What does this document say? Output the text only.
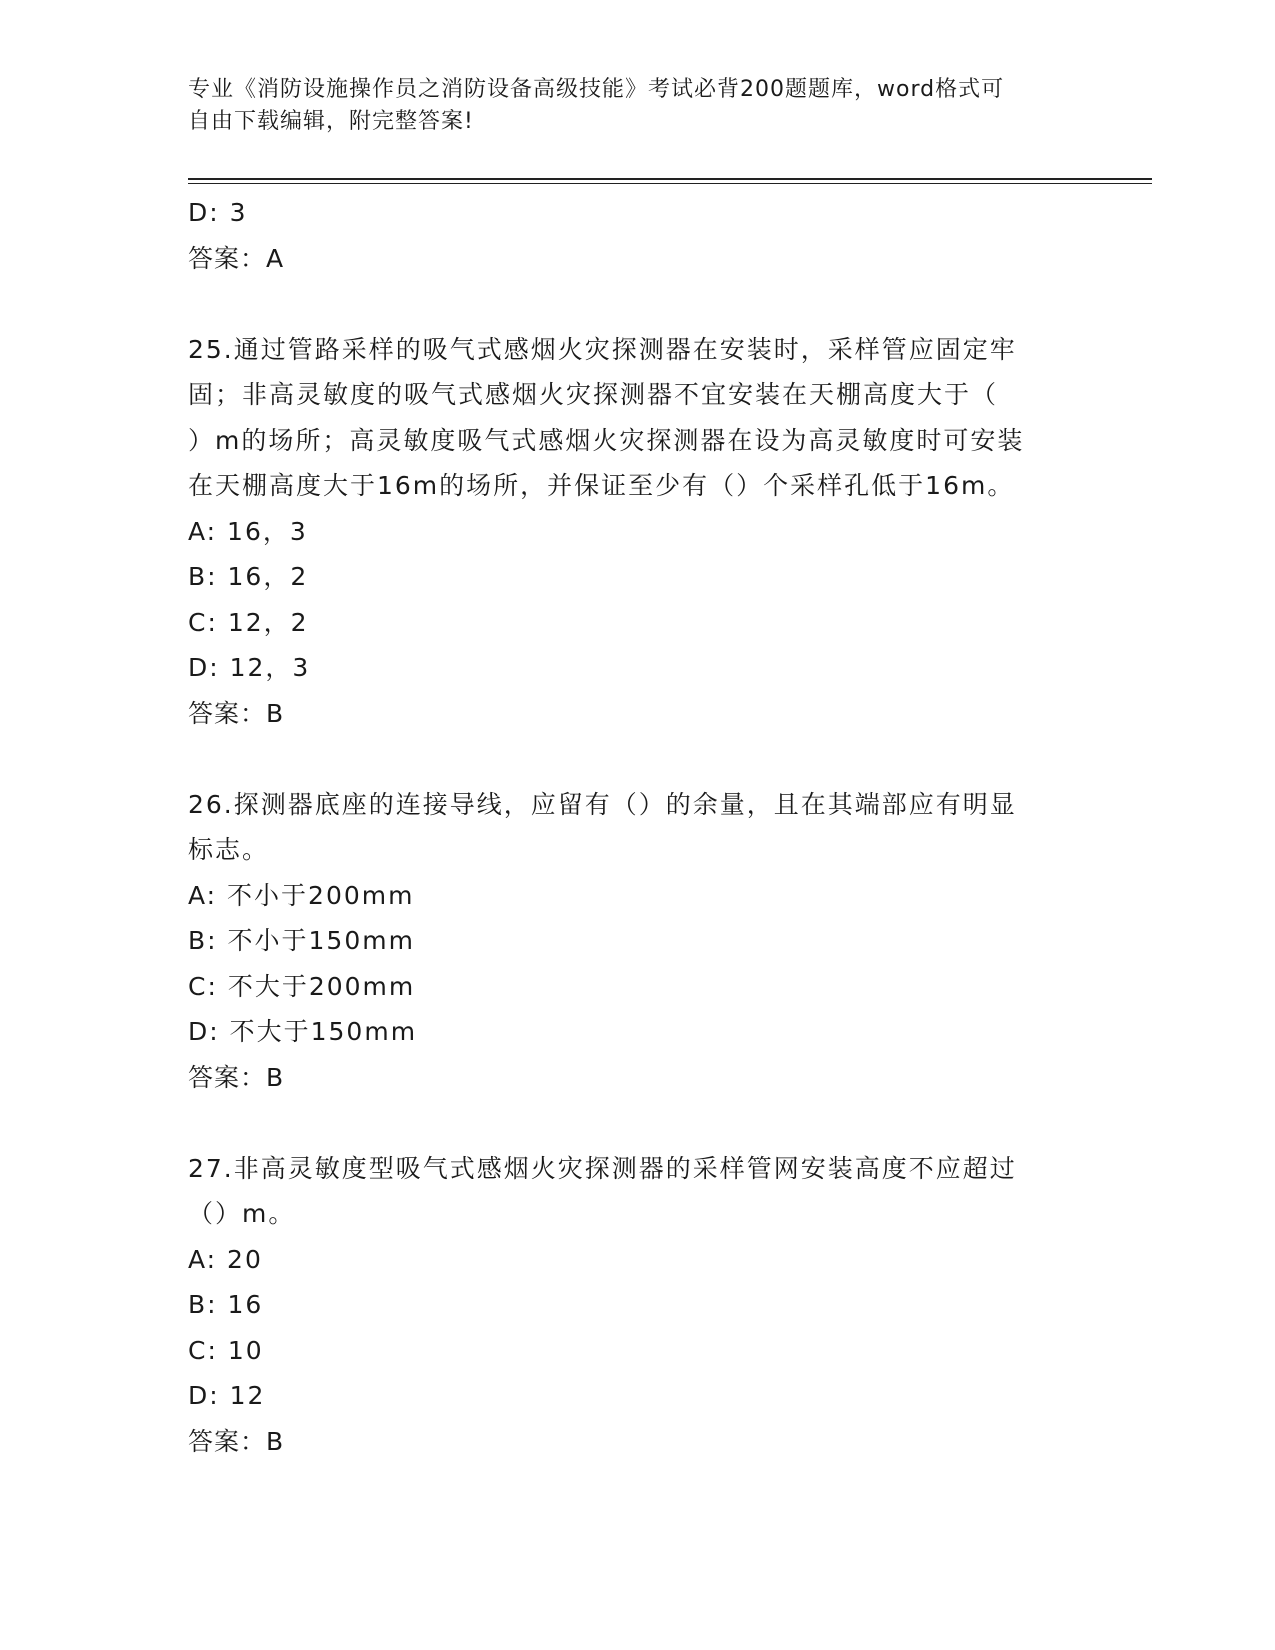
专业《消防设施操作员之消防设备高级技能》考试必背200题题库，word格式可
自由下载编辑，附完整答案!
D: 3
答案：A
25.通过管路采样的吸气式感烟火灾探测器在安装时，采样管应固定牢
固；非高灵敏度的吸气式感烟火灾探测器不宜安装在天棚高度大于（
）m的场所；高灵敏度吸气式感烟火灾探测器在设为高灵敏度时可安装
在天棚高度大于16m的场所，并保证至少有（）个采样孔低于16m。
A: 16，3
B: 16，2
C: 12，2
D: 12，3
答案：B
26.探测器底座的连接导线，应留有（）的余量，且在其端部应有明显
标志。
A: 不小于200mm
B: 不小于150mm
C: 不大于200mm
D: 不大于150mm
答案：B
27.非高灵敏度型吸气式感烟火灾探测器的采样管网安装高度不应超过
（）m。
A: 20
B: 16
C: 10
D: 12
答案：B
